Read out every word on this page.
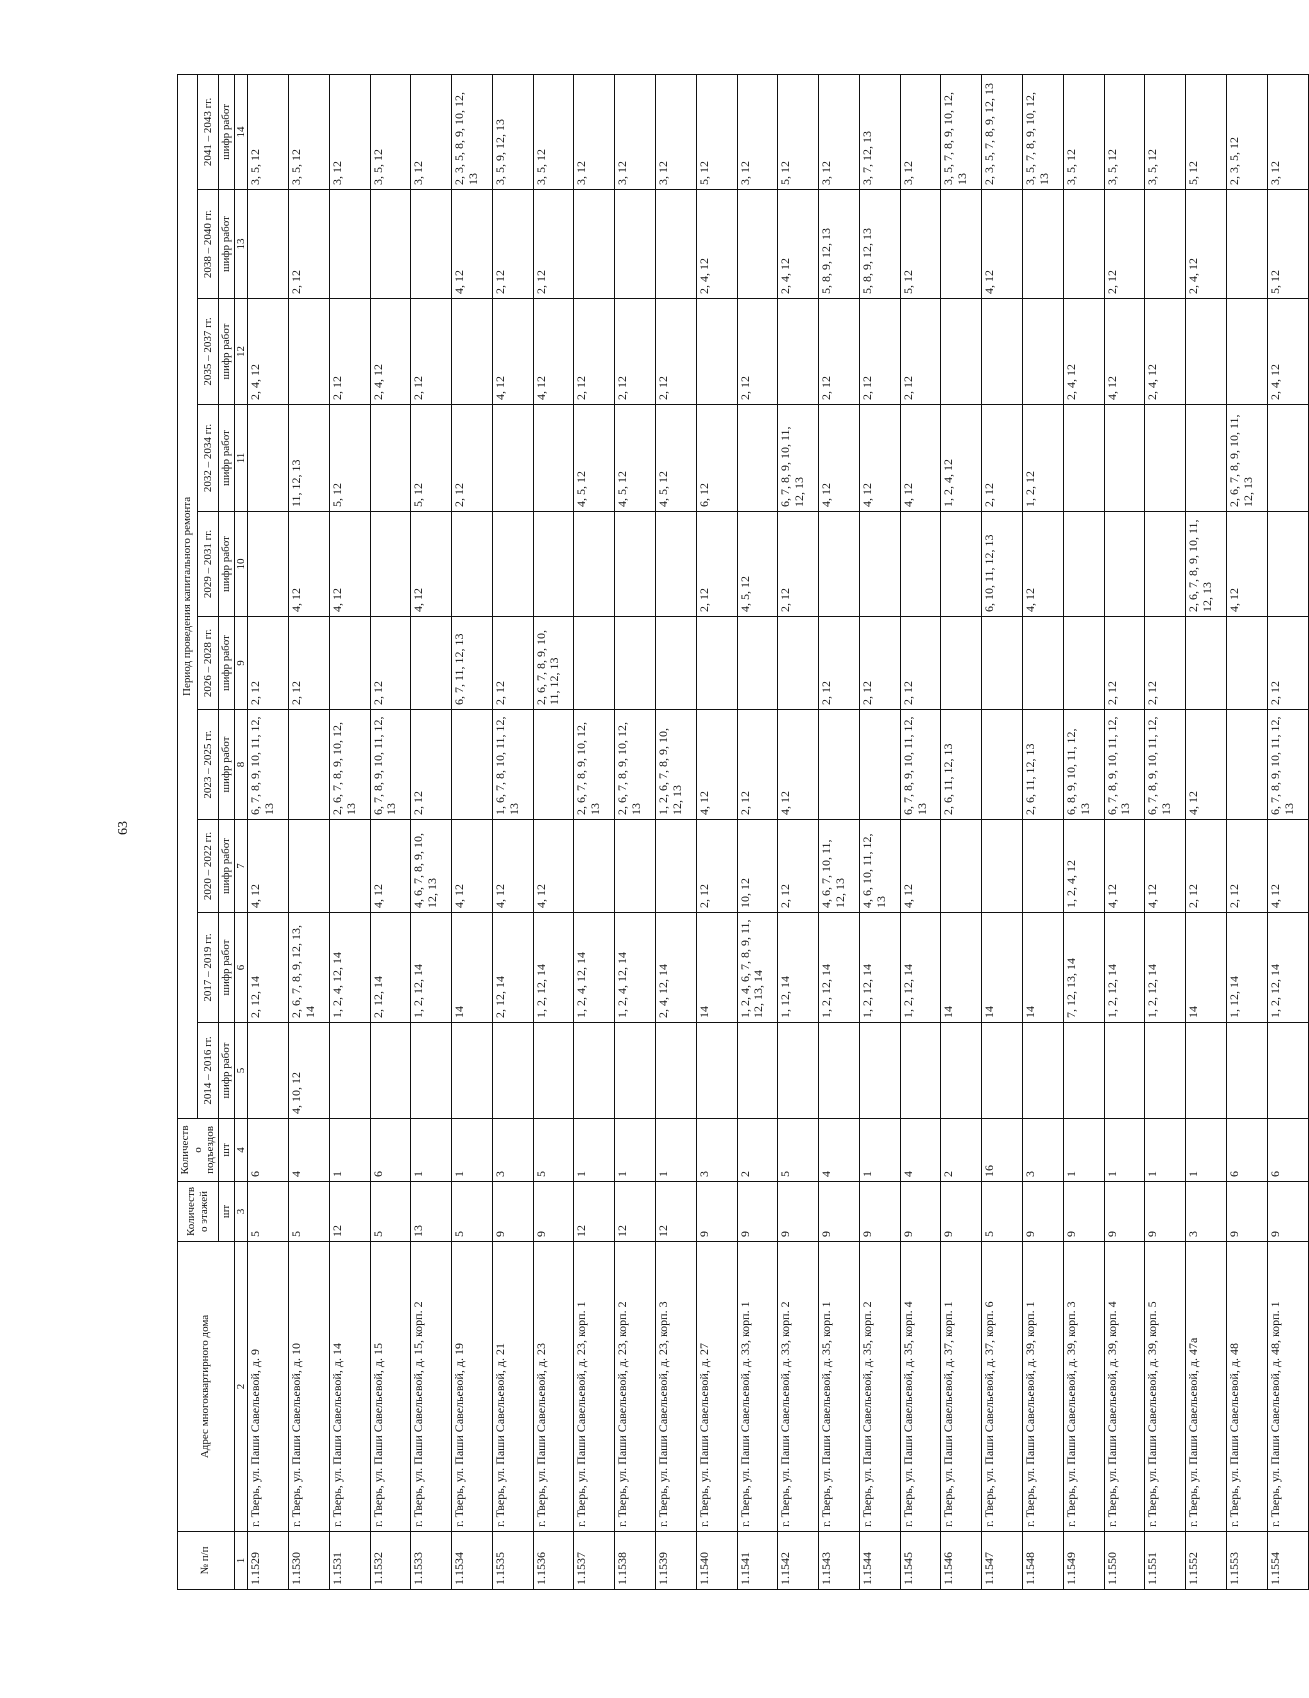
63
№ п/п	Адрес многоквартирного дома	Количество этажей	Количество подъездов	Период проведения капитального ремонта									
				2014 – 2016 гг.	2017 – 2019 гг.	2020 – 2022 гг.	2023 – 2025 гг.	2026 – 2028 гг.	2029 – 2031 гг.	2032 – 2034 гг.	2035 – 2037 гг.	2038 – 2040 гг.	2041 – 2043 гг.
		шт	шт	шифр работ	шифр работ	шифр работ	шифр работ	шифр работ	шифр работ	шифр работ	шифр работ	шифр работ	шифр работ
1	2	3	4	5	6	7	8	9	10	11	12	13	14
1.1529	г. Тверь, ул. Паши Савельевой, д. 9	5	6		2, 12, 14	4, 12	6, 7, 8, 9, 10, 11, 12, 13	2, 12			2, 4, 12		3, 5, 12
1.1530	г. Тверь, ул. Паши Савельевой, д. 10	5	4	4, 10, 12	2, 6, 7, 8, 9, 12, 13, 14			2, 12	4, 12	11, 12, 13		2, 12	3, 5, 12
1.1531	г. Тверь, ул. Паши Савельевой, д. 14	12	1		1, 2, 4, 12, 14		2, 6, 7, 8, 9, 10, 12, 13		4, 12	5, 12	2, 12		3, 12
1.1532	г. Тверь, ул. Паши Савельевой, д. 15	5	6		2, 12, 14	4, 12	6, 7, 8, 9, 10, 11, 12, 13	2, 12			2, 4, 12		3, 5, 12
1.1533	г. Тверь, ул. Паши Савельевой, д. 15, корп. 2	13	1		1, 2, 12, 14	4, 6, 7, 8, 9, 10, 12, 13	2, 12		4, 12	5, 12	2, 12		3, 12
1.1534	г. Тверь, ул. Паши Савельевой, д. 19	5	1		14	4, 12		6, 7, 11, 12, 13		2, 12		4, 12	2, 3, 5, 8, 9, 10, 12, 13
1.1535	г. Тверь, ул. Паши Савельевой, д. 21	9	3		2, 12, 14	4, 12	1, 6, 7, 8, 10, 11, 12, 13	2, 12			4, 12	2, 12	3, 5, 9, 12, 13
1.1536	г. Тверь, ул. Паши Савельевой, д. 23	9	5		1, 2, 12, 14	4, 12		2, 6, 7, 8, 9, 10, 11, 12, 13			4, 12	2, 12	3, 5, 12
1.1537	г. Тверь, ул. Паши Савельевой, д. 23, корп. 1	12	1		1, 2, 4, 12, 14		2, 6, 7, 8, 9, 10, 12, 13			4, 5, 12	2, 12		3, 12
1.1538	г. Тверь, ул. Паши Савельевой, д. 23, корп. 2	12	1		1, 2, 4, 12, 14		2, 6, 7, 8, 9, 10, 12, 13			4, 5, 12	2, 12		3, 12
1.1539	г. Тверь, ул. Паши Савельевой, д. 23, корп. 3	12	1		2, 4, 12, 14		1, 2, 6, 7, 8, 9, 10, 12, 13			4, 5, 12	2, 12		3, 12
1.1540	г. Тверь, ул. Паши Савельевой, д. 27	9	3		14	2, 12	4, 12		2, 12	6, 12		2, 4, 12	5, 12
1.1541	г. Тверь, ул. Паши Савельевой, д. 33, корп. 1	9	2		1, 2, 4, 6, 7, 8, 9, 11, 12, 13, 14	10, 12	2, 12		4, 5, 12		2, 12		3, 12
1.1542	г. Тверь, ул. Паши Савельевой, д. 33, корп. 2	9	5		1, 12, 14	2, 12	4, 12		2, 12	6, 7, 8, 9, 10, 11, 12, 13		2, 4, 12	5, 12
1.1543	г. Тверь, ул. Паши Савельевой, д. 35, корп. 1	9	4		1, 2, 12, 14	4, 6, 7, 10, 11, 12, 13		2, 12		4, 12	2, 12	5, 8, 9, 12, 13	3, 12
1.1544	г. Тверь, ул. Паши Савельевой, д. 35, корп. 2	9	1		1, 2, 12, 14	4, 6, 10, 11, 12, 13		2, 12		4, 12	2, 12	5, 8, 9, 12, 13	3, 7, 12, 13
1.1545	г. Тверь, ул. Паши Савельевой, д. 35, корп. 4	9	4		1, 2, 12, 14	4, 12	6, 7, 8, 9, 10, 11, 12, 13	2, 12		4, 12	2, 12	5, 12	3, 12
1.1546	г. Тверь, ул. Паши Савельевой, д. 37, корп. 1	9	2		14		2, 6, 11, 12, 13			1, 2, 4, 12			3, 5, 7, 8, 9, 10, 12, 13
1.1547	г. Тверь, ул. Паши Савельевой, д. 37, корп. 6	5	16		14				6, 10, 11, 12, 13	2, 12		4, 12	2, 3, 5, 7, 8, 9, 12, 13
1.1548	г. Тверь, ул. Паши Савельевой, д. 39, корп. 1	9	3		14		2, 6, 11, 12, 13		4, 12	1, 2, 12			3, 5, 7, 8, 9, 10, 12, 13
1.1549	г. Тверь, ул. Паши Савельевой, д. 39, корп. 3	9	1		7, 12, 13, 14	1, 2, 4, 12	6, 8, 9, 10, 11, 12, 13				2, 4, 12		3, 5, 12
1.1550	г. Тверь, ул. Паши Савельевой, д. 39, корп. 4	9	1		1, 2, 12, 14	4, 12	6, 7, 8, 9, 10, 11, 12, 13	2, 12			4, 12	2, 12	3, 5, 12
1.1551	г. Тверь, ул. Паши Савельевой, д. 39, корп. 5	9	1		1, 2, 12, 14	4, 12	6, 7, 8, 9, 10, 11, 12, 13	2, 12			2, 4, 12		3, 5, 12
1.1552	г. Тверь, ул. Паши Савельевой, д. 47а	3	1		14	2, 12	4, 12		2, 6, 7, 8, 9, 10, 11, 12, 13			2, 4, 12	5, 12
1.1553	г. Тверь, ул. Паши Савельевой, д. 48	9	6		1, 12, 14	2, 12			4, 12	2, 6, 7, 8, 9, 10, 11, 12, 13			2, 3, 5, 12
1.1554	г. Тверь, ул. Паши Савельевой, д. 48, корп. 1	9	6		1, 2, 12, 14	4, 12	6, 7, 8, 9, 10, 11, 12, 13	2, 12			2, 4, 12	5, 12	3, 12
